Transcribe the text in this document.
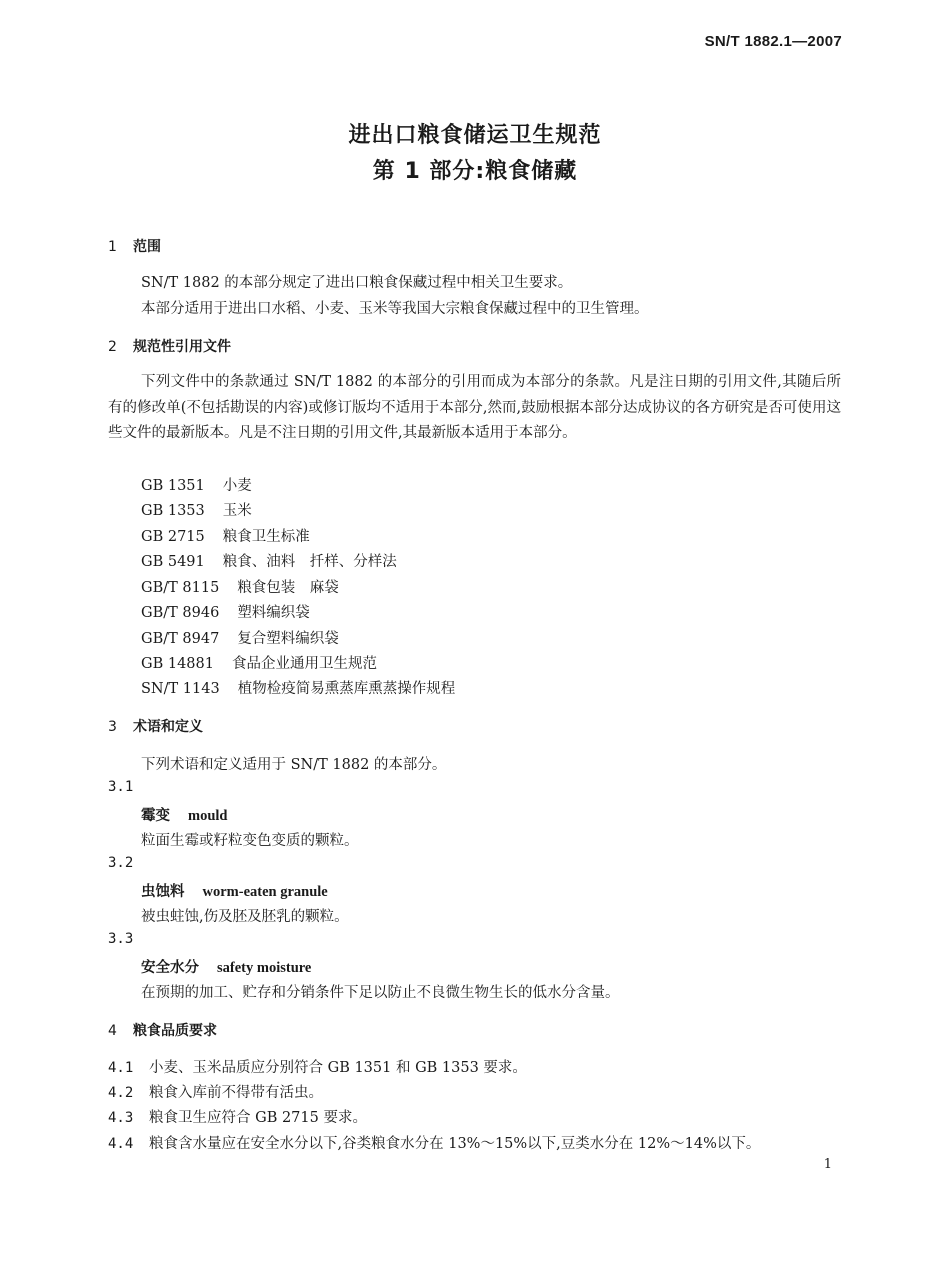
SN/T 1882.1—2007
进出口粮食储运卫生规范
第 1 部分:粮食储藏
1 范围
SN/T 1882 的本部分规定了进出口粮食保藏过程中相关卫生要求。
本部分适用于进出口水稻、小麦、玉米等我国大宗粮食保藏过程中的卫生管理。
2 规范性引用文件
下列文件中的条款通过 SN/T 1882 的本部分的引用而成为本部分的条款。凡是注日期的引用文件,其随后所有的修改单(不包括勘误的内容)或修订版均不适用于本部分,然而,鼓励根据本部分达成协议的各方研究是否可使用这些文件的最新版本。凡是不注日期的引用文件,其最新版本适用于本部分。
GB 1351 小麦
GB 1353 玉米
GB 2715 粮食卫生标准
GB 5491 粮食、油料　扦样、分样法
GB/T 8115 粮食包装　麻袋
GB/T 8946 塑料编织袋
GB/T 8947 复合塑料编织袋
GB 14881 食品企业通用卫生规范
SN/T 1143 植物检疫简易熏蒸库熏蒸操作规程
3 术语和定义
下列术语和定义适用于 SN/T 1882 的本部分。
3.1
霉变 mould
粒面生霉或籽粒变色变质的颗粒。
3.2
虫蚀料 worm-eaten granule
被虫蛀蚀,伤及胚及胚乳的颗粒。
3.3
安全水分 safety moisture
在预期的加工、贮存和分销条件下足以防止不良微生物生长的低水分含量。
4 粮食品质要求
4.1 小麦、玉米品质应分别符合 GB 1351 和 GB 1353 要求。
4.2 粮食入库前不得带有活虫。
4.3 粮食卫生应符合 GB 2715 要求。
4.4 粮食含水量应在安全水分以下,谷类粮食水分在 13%～15%以下,豆类水分在 12%～14%以下。
1
